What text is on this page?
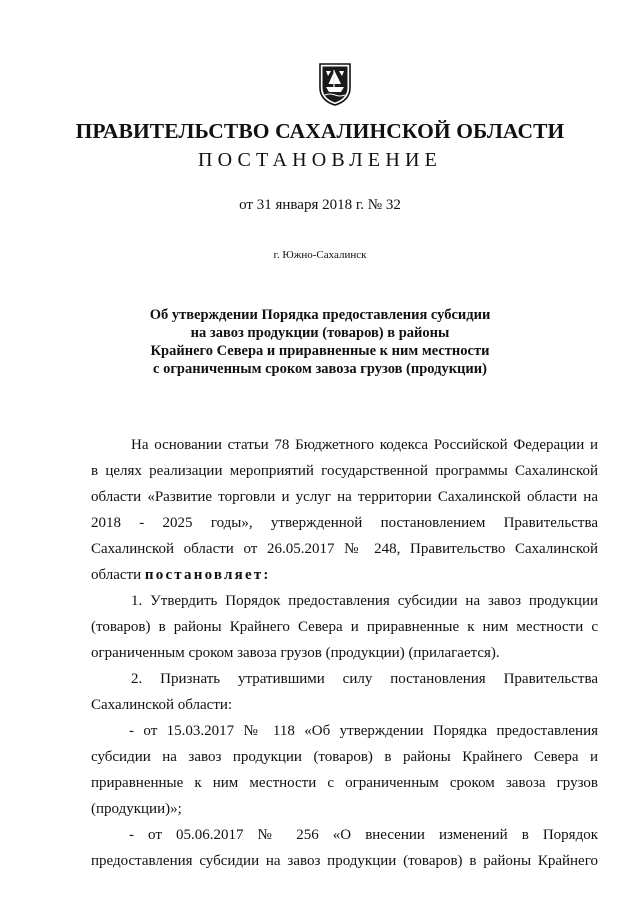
ПРАВИТЕЛЬСТВО САХАЛИНСКОЙ ОБЛАСТИ
ПОСТАНОВЛЕНИЕ
от 31 января 2018 г. № 32
г. Южно-Сахалинск
Об утверждении Порядка предоставления субсидии
на завоз продукции (товаров) в районы
Крайнего Севера и приравненные к ним местности
с ограниченным сроком завоза грузов (продукции)
На основании статьи 78 Бюджетного кодекса Российской Федерации и
в целях реализации мероприятий государственной программы Сахалинской
области «Развитие торговли и услуг на территории Сахалинской области на
2018 - 2025 годы», утвержденной постановлением Правительства
Сахалинской области от 26.05.2017 № 248, Правительство Сахалинской
области постановляет:
1. Утвердить Порядок предоставления субсидии на завоз продукции
(товаров) в районы Крайнего Севера и приравненные к ним местности с
ограниченным сроком завоза грузов (продукции) (прилагается).
2. Признать утратившими силу постановления Правительства
Сахалинской области:
- от 15.03.2017 № 118 «Об утверждении Порядка предоставления
субсидии на завоз продукции (товаров) в районы Крайнего Севера и
приравненные к ним местности с ограниченным сроком завоза грузов
(продукции)»;
- от 05.06.2017 № 256 «О внесении изменений в Порядок
предоставления субсидии на завоз продукции (товаров) в районы Крайнего
